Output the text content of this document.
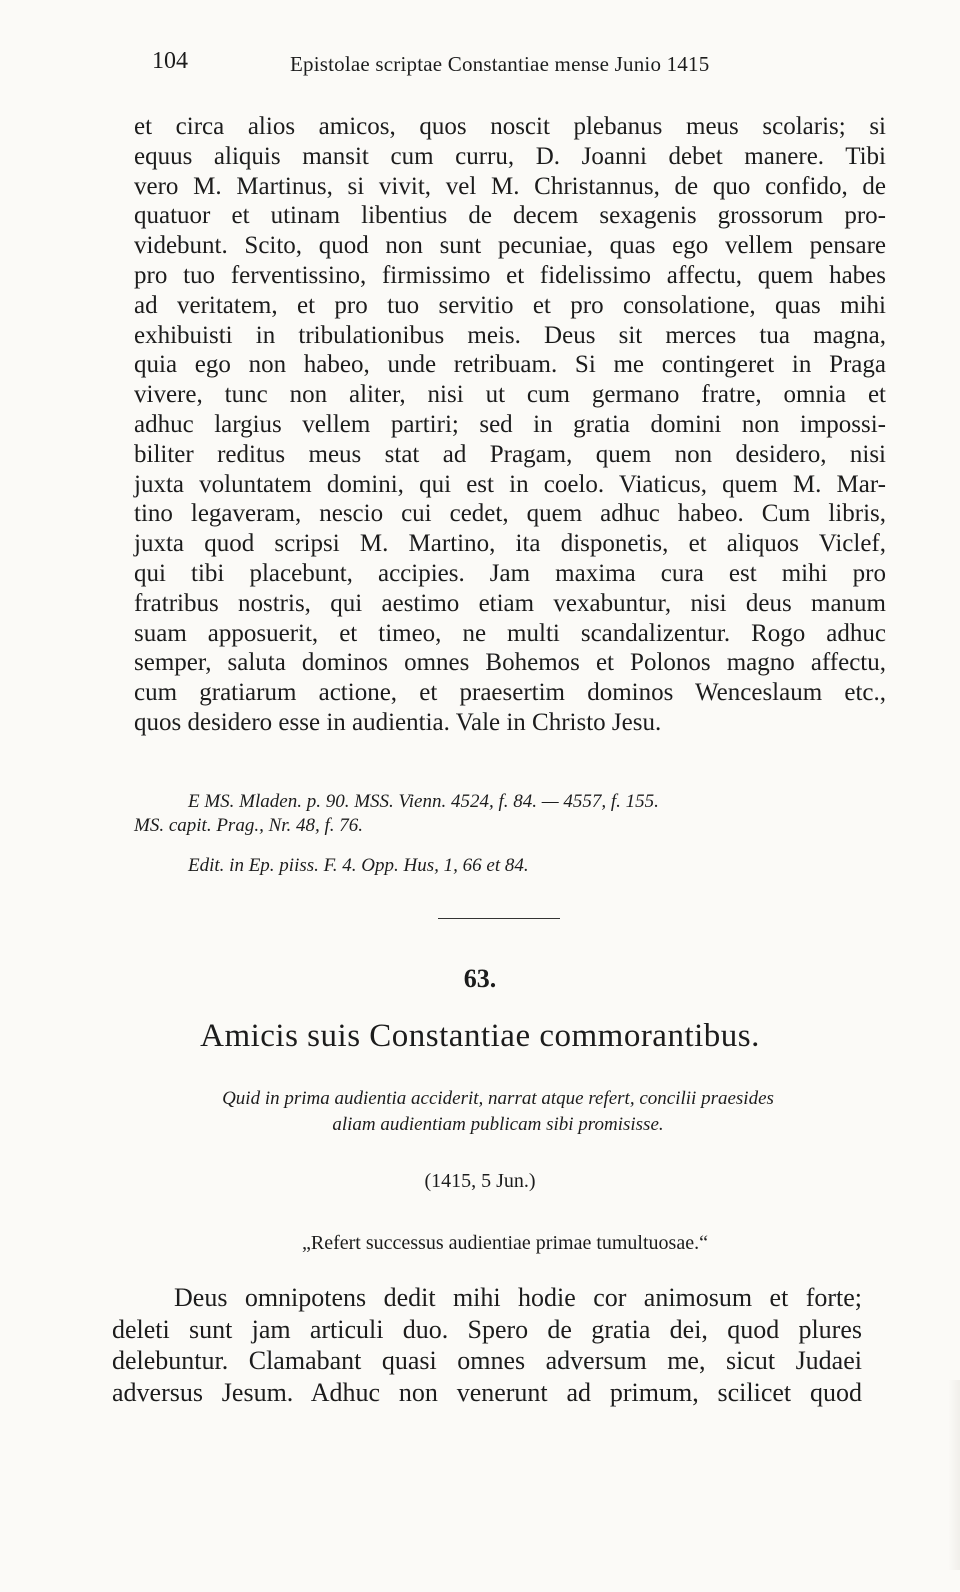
104	Epistolae scriptae Constantiae mense Junio 1415
et circa alios amicos, quos noscit plebanus meus scolaris; si
equus aliquis mansit cum curru, D. Joanni debet manere. Tibi
vero M. Martinus, si vivit, vel M. Christannus, de quo confido, de
quatuor et utinam libentius de decem sexagenis grossorum pro-
videbunt. Scito, quod non sunt pecuniae, quas ego vellem pensare
pro tuo ferventissino, firmissimo et fidelissimo affectu, quem habes
ad veritatem, et pro tuo servitio et pro consolatione, quas mihi
exhibuisti in tribulationibus meis. Deus sit merces tua magna,
quia ego non habeo, unde retribuam. Si me contingeret in Praga
vivere, tunc non aliter, nisi ut cum germano fratre, omnia et
adhuc largius vellem partiri; sed in gratia domini non impossi-
biliter reditus meus stat ad Pragam, quem non desidero, nisi
juxta voluntatem domini, qui est in coelo. Viaticus, quem M. Mar-
tino legaveram, nescio cui cedet, quem adhuc habeo. Cum libris,
juxta quod scripsi M. Martino, ita disponetis, et aliquos Viclef,
qui tibi placebunt, accipies. Jam maxima cura est mihi pro
fratribus nostris, qui aestimo etiam vexabuntur, nisi deus manum
suam apposuerit, et timeo, ne multi scandalizentur. Rogo adhuc
semper, saluta dominos omnes Bohemos et Polonos magno affectu,
cum gratiarum actione, et praesertim dominos Wenceslaum etc.,
quos desidero esse in audientia. Vale in Christo Jesu.
E MS. Mladen. p. 90. MSS. Vienn. 4524, f. 84. — 4557, f. 155.
MS. capit. Prag., Nr. 48, f. 76.
Edit. in Ep. piiss. F. 4. Opp. Hus, 1, 66 et 84.
63.
Amicis suis Constantiae commorantibus.
Quid in prima audientia acciderit, narrat atque refert, concilii praesides
aliam audientiam publicam sibi promisisse.
(1415, 5 Jun.)
„Refert successus audientiae primae tumultuosae.“
Deus omnipotens dedit mihi hodie cor animosum et forte;
deleti sunt jam articuli duo. Spero de gratia dei, quod plures
delebuntur. Clamabant quasi omnes adversum me, sicut Judaei
adversus Jesum. Adhuc non venerunt ad primum, scilicet quod
